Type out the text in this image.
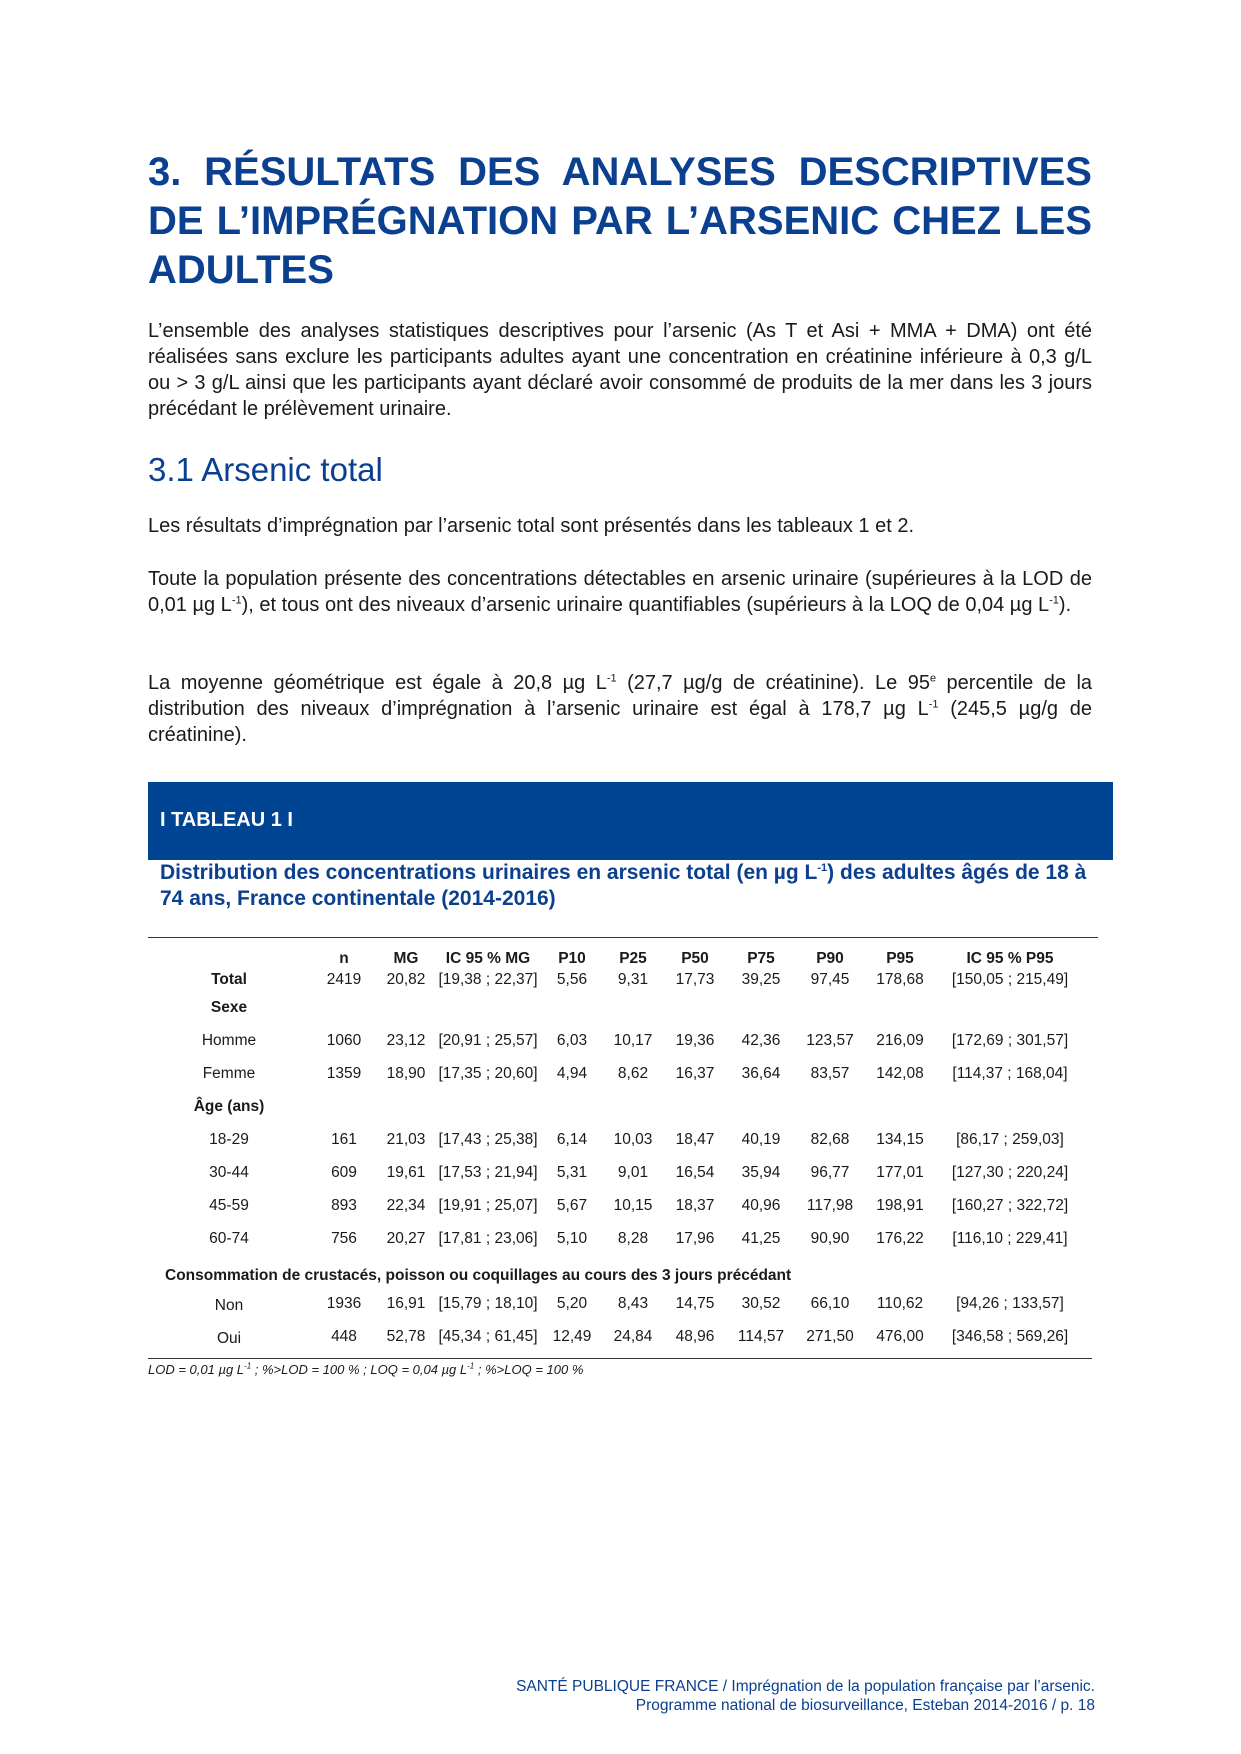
3. RÉSULTATS DES ANALYSES DESCRIPTIVES DE L’IMPRÉGNATION PAR L’ARSENIC CHEZ LES ADULTES

L’ensemble des analyses statistiques descriptives pour l’arsenic (As T et Asi + MMA + DMA) ont été réalisées sans exclure les participants adultes ayant une concentration en créatinine inférieure à 0,3 g/L ou > 3 g/L ainsi que les participants ayant déclaré avoir consommé de produits de la mer dans les 3 jours précédant le prélèvement urinaire.

3.1 Arsenic total

Les résultats d’imprégnation par l’arsenic total sont présentés dans les tableaux 1 et 2.

Toute la population présente des concentrations détectables en arsenic urinaire (supérieures à la LOD de 0,01 µg $L^{-1}$), et tous ont des niveaux d’arsenic urinaire quantifiables (supérieurs à la LOQ de 0,04 µg $L^{-1}$).

La moyenne géométrique est égale à 20,8 µg $L^{-1}$ (27,7 µg/g de créatinine). Le 95e percentile de la distribution des niveaux d’imprégnation à l’arsenic urinaire est égal à 178,7 µg $L^{-1}$ (245,5 µg/g de créatinine).

I TABLEAU 1 I

Distribution des concentrations urinaires en arsenic total (en µg $L^{-1}$) des adultes âgés de 18 à 74 ans, France continentale (2014-2016)

	n	MG	IC 95 % MG	P10	P25	P50	P75	P90	P95	IC 95 % P95
Total	2419	20,82	[19,38 ; 22,37]	5,56	9,31	17,73	39,25	97,45	178,68	[150,05 ; 215,49]
Sexe										
Homme	1060	23,12	[20,91 ; 25,57]	6,03	10,17	19,36	42,36	123,57	216,09	[172,69 ; 301,57]
Femme	1359	18,90	[17,35 ; 20,60]	4,94	8,62	16,37	36,64	83,57	142,08	[114,37 ; 168,04]
Âge (ans)										
18-29	161	21,03	[17,43 ; 25,38]	6,14	10,03	18,47	40,19	82,68	134,15	[86,17 ; 259,03]
30-44	609	19,61	[17,53 ; 21,94]	5,31	9,01	16,54	35,94	96,77	177,01	[127,30 ; 220,24]
45-59	893	22,34	[19,91 ; 25,07]	5,67	10,15	18,37	40,96	117,98	198,91	[160,27 ; 322,72]
60-74	756	20,27	[17,81 ; 23,06]	5,10	8,28	17,96	41,25	90,90	176,22	[116,10 ; 229,41]
Consommation de crustacés, poisson ou coquillages au cours des 3 jours précédant										
Non	1936	16,91	[15,79 ; 18,10]	5,20	8,43	14,75	30,52	66,10	110,62	[94,26 ; 133,57]
Oui	448	52,78	[45,34 ; 61,45]	12,49	24,84	48,96	114,57	271,50	476,00	[346,58 ; 569,26]

LOD = 0,01 µg $L^{-1}$ ; %>LOD = 100 % ; LOQ = 0,04 µg $L^{-1}$ ; %>LOQ = 100 %

SANTÉ PUBLIQUE FRANCE / Imprégnation de la population française par l’arsenic.
Programme national de biosurveillance, Esteban 2014-2016 / p. 18
